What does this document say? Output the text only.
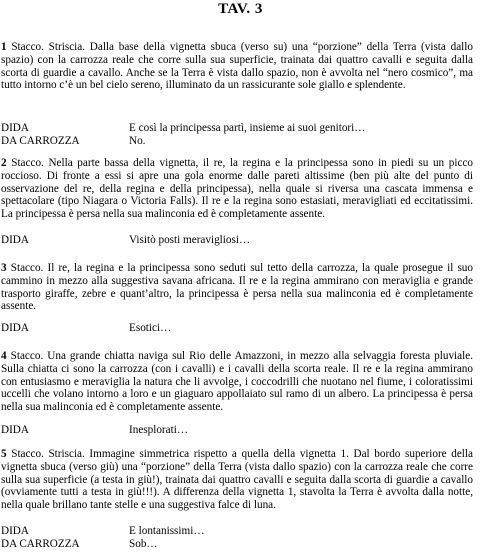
TAV. 3
1 Stacco. Striscia. Dalla base della vignetta sbuca (verso su) una “porzione” della Terra (vista dallo spazio) con la carrozza reale che corre sulla sua superficie, trainata dai quattro cavalli e seguita dalla scorta di guardie a cavallo. Anche se la Terra è vista dallo spazio, non è avvolta nel “nero cosmico”, ma tutto intorno c’è un bel cielo sereno, illuminato da un rassicurante sole giallo e splendente.
DIDA	E così la principessa partì, insieme ai suoi genitori…
DA CARROZZA	No.
2 Stacco. Nella parte bassa della vignetta, il re, la regina e la principessa sono in piedi su un picco roccioso. Di fronte a essi si apre una gola enorme dalle pareti altissime (ben più alte del punto di osservazione del re, della regina e della principessa), nella quale si riversa una cascata immensa e spettacolare (tipo Niagara o Victoria Falls). Il re e la regina sono estasiati, meravigliati ed eccitatissimi. La principessa è persa nella sua malinconia ed è completamente assente.
DIDA	Visitò posti meravigliosi…
3 Stacco. Il re, la regina e la principessa sono seduti sul tetto della carrozza, la quale prosegue il suo cammino in mezzo alla suggestiva savana africana. Il re e la regina ammirano con meraviglia e grande trasporto giraffe, zebre e quant’altro, la principessa è persa nella sua malinconia ed è completamente assente.
DIDA	Esotici…
4 Stacco. Una grande chiatta naviga sul Rio delle Amazzoni, in mezzo alla selvaggia foresta pluviale. Sulla chiatta ci sono la carrozza (con i cavalli) e i cavalli della scorta reale. Il re e la regina ammirano con entusiasmo e meraviglia la natura che li avvolge, i coccodrilli che nuotano nel fiume, i coloratissimi uccelli che volano intorno a loro e un giaguaro appollaiato sul ramo di un albero. La principessa è persa nella sua malinconia ed è completamente assente.
DIDA	Inesplorati…
5 Stacco. Striscia. Immagine simmetrica rispetto a quella della vignetta 1. Dal bordo superiore della vignetta sbuca (verso giù) una “porzione” della Terra (vista dallo spazio) con la carrozza reale che corre sulla sua superficie (a testa in giù!), trainata dai quattro cavalli e seguita dalla scorta di guardie a cavallo (ovviamente tutti a testa in giù!!!). A differenza della vignetta 1, stavolta la Terra è avvolta dalla notte, nella quale brillano tante stelle e una suggestiva falce di luna.
DIDA	E lontanissimi…
DA CARROZZA	Sob…
